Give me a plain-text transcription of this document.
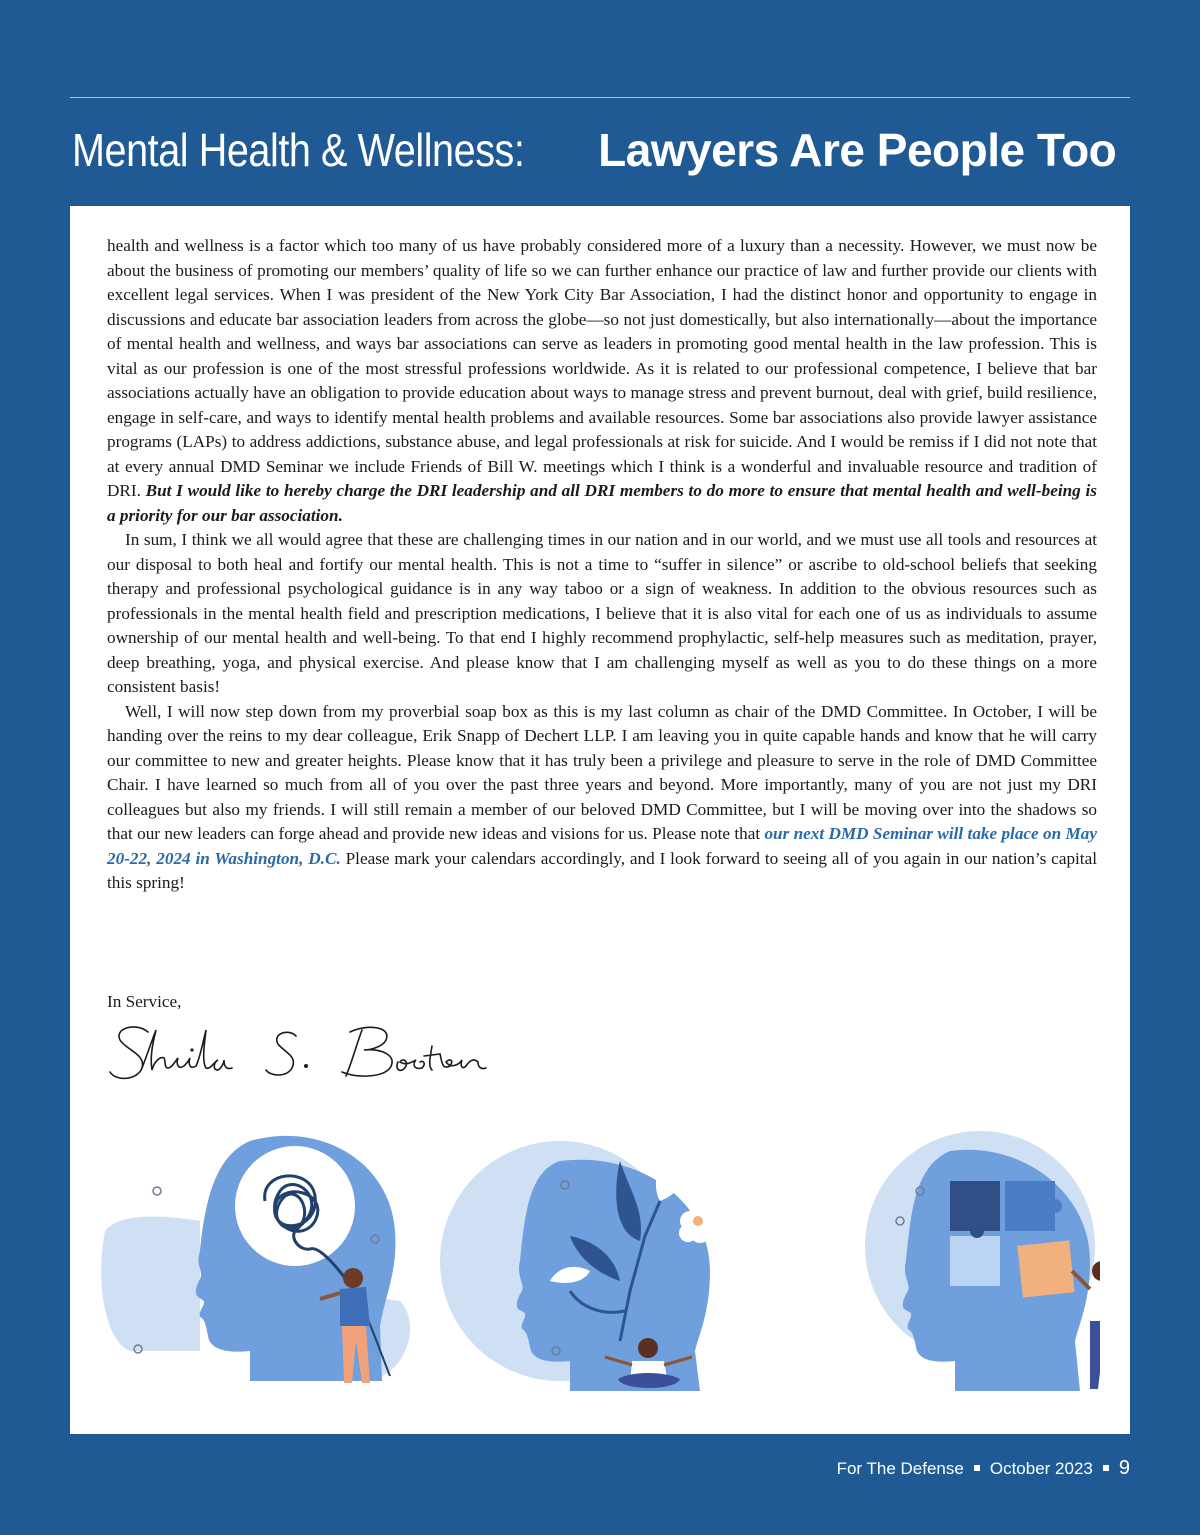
Mental Health & Wellness:Lawyers Are People Too

health and wellness is a factor which too many of us have probably considered more of a luxury than a necessity. However, we must now be about the business of promoting our members’ quality of life so we can further enhance our practice of law and further provide our clients with excellent legal services. When I was president of the New York City Bar Association, I had the distinct honor and opportunity to engage in discussions and educate bar association leaders from across the globe—so not just domestically, but also internationally—about the importance of mental health and wellness, and ways bar associations can serve as leaders in promoting good mental health in the law profession. This is vital as our profession is one of the most stressful professions worldwide. As it is related to our professional competence, I believe that bar associations actually have an obligation to provide education about ways to manage stress and prevent burnout, deal with grief, build resilience, engage in self-care, and ways to identify mental health problems and available resources. Some bar associations also provide lawyer assistance programs (LAPs) to address addictions, substance abuse, and legal professionals at risk for suicide. And I would be remiss if I did not note that at every annual DMD Seminar we include Friends of Bill W. meetings which I think is a wonderful and invaluable resource and tradition of DRI. But I would like to hereby charge the DRI leadership and all DRI members to do more to ensure that mental health and well-being is a priority for our bar association.

In sum, I think we all would agree that these are challenging times in our nation and in our world, and we must use all tools and resources at our disposal to both heal and fortify our mental health. This is not a time to “suffer in silence” or ascribe to old-school beliefs that seeking therapy and professional psychological guidance is in any way taboo or a sign of weakness. In addition to the obvious resources such as professionals in the mental health field and prescription medications, I believe that it is also vital for each one of us as individuals to assume ownership of our mental health and well-being. To that end I highly recommend prophylactic, self-help measures such as meditation, prayer, deep breathing, yoga, and physical exercise. And please know that I am challenging myself as well as you to do these things on a more consistent basis!

Well, I will now step down from my proverbial soap box as this is my last column as chair of the DMD Committee. In October, I will be handing over the reins to my dear colleague, Erik Snapp of Dechert LLP. I am leaving you in quite capable hands and know that he will carry our committee to new and greater heights. Please know that it has truly been a privilege and pleasure to serve in the role of DMD Committee Chair. I have learned so much from all of you over the past three years and beyond. More importantly, many of you are not just my DRI colleagues but also my friends. I will still remain a member of our beloved DMD Committee, but I will be moving over into the shadows so that our new leaders can forge ahead and provide new ideas and visions for us. Please note that our next DMD Seminar will take place on May 20-22, 2024 in Washington, D.C. Please mark your calendars accordingly, and I look forward to seeing all of you again in our nation’s capital this spring!

In Service,
For The Defense October 2023 9
